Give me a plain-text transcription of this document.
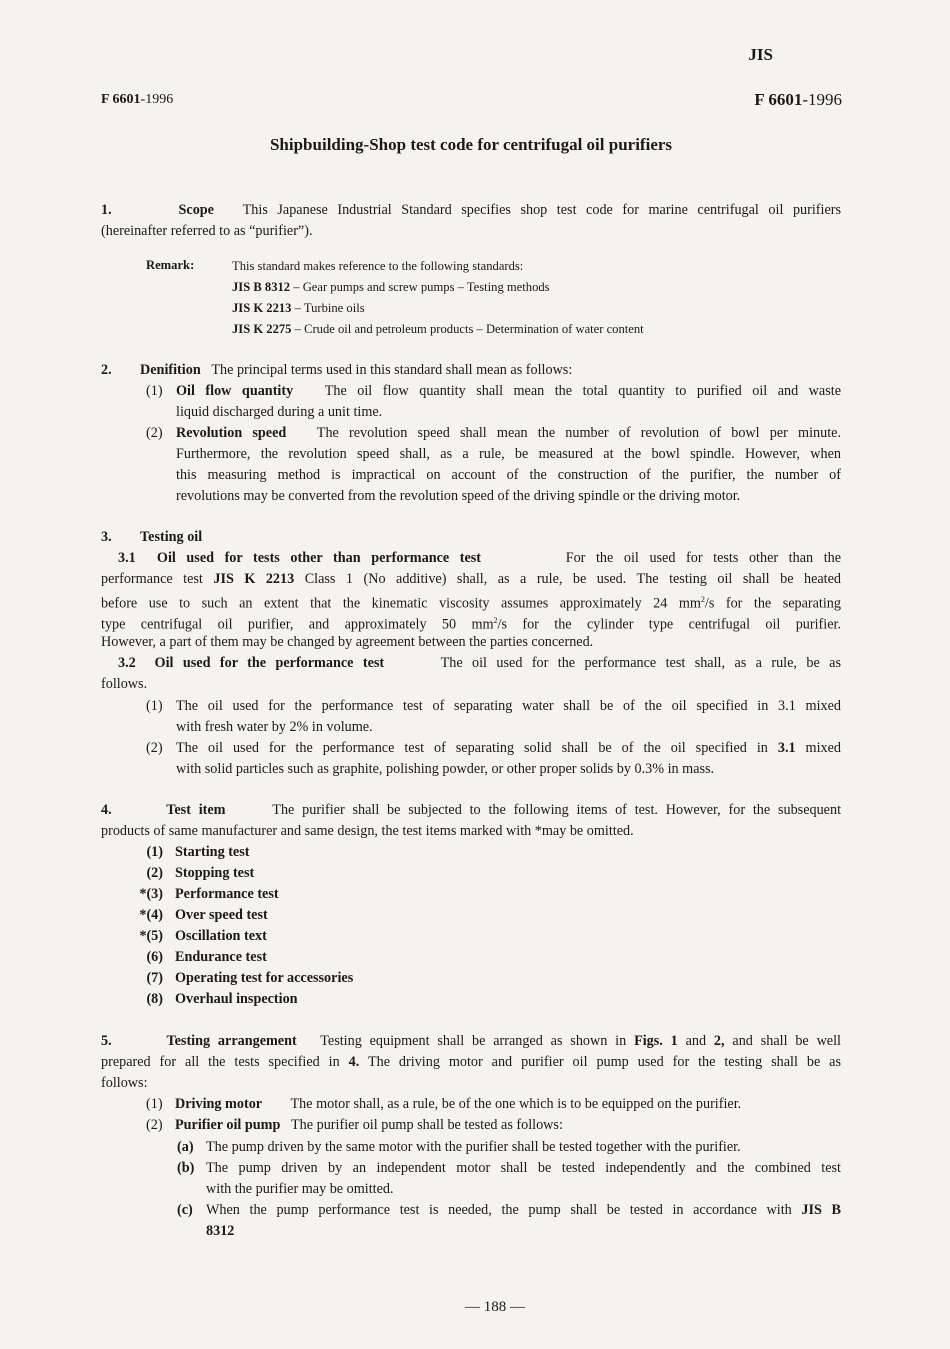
JIS
F 6601-1996	F 6601-1996
Shipbuilding-Shop test code for centrifugal oil purifiers
1.	Scope This Japanese Industrial Standard specifies shop test code for marine centrifugal oil purifiers
(hereinafter referred to as “purifier”).
Remark:	This standard makes reference to the following standards:
JIS B 8312 – Gear pumps and screw pumps – Testing methods
JIS K 2213 – Turbine oils
JIS K 2275 – Crude oil and petroleum products – Determination of water content
2. Denifition The principal terms used in this standard shall mean as follows:
(1) Oil flow quantity The oil flow quantity shall mean the total quantity to purified oil and waste
liquid discharged during a unit time.
(2) Revolution speed The revolution speed shall mean the number of revolution of bowl per minute.
Furthermore, the revolution speed shall, as a rule, be measured at the bowl spindle. However, when
this measuring method is impractical on account of the construction of the purifier, the number of
revolutions may be converted from the revolution speed of the driving spindle or the driving motor.
3. Testing oil
3.1 Oil used for tests other than performance test	For the oil used for tests other than the
performance test JIS K 2213 Class 1 (No additive) shall, as a rule, be used. The testing oil shall be heated
before use to such an extent that the kinematic viscosity assumes approximately 24 $mm^2/s$ for the separating
type centrifugal oil purifier, and approximately 50 $mm^2/s$ for the cylinder type centrifugal oil purifier.
However, a part of them may be changed by agreement between the parties concerned.
3.2 Oil used for the performance test	The oil used for the performance test shall, as a rule, be as
follows.
(1) The oil used for the performance test of separating water shall be of the oil specified in 3.1 mixed
with fresh water by 2% in volume.
(2) The oil used for the performance test of separating solid shall be of the oil specified in 3.1 mixed
with solid particles such as graphite, polishing powder, or other proper solids by 0.3% in mass.
4.	Test item	The purifier shall be subjected to the following items of test. However, for the subsequent
products of same manufacturer and same design, the test items marked with *may be omitted.
(1) Starting test
(2) Stopping test
*(3) Performance test
*(4) Over speed test
*(5) Oscillation text
(6) Endurance test
(7) Operating test for accessories
(8) Overhaul inspection
5.	Testing arrangement Testing equipment shall be arranged as shown in Figs. 1 and 2, and shall be well
prepared for all the tests specified in 4. The driving motor and purifier oil pump used for the testing shall be as
follows:
(1) Driving motor The motor shall, as a rule, be of the one which is to be equipped on the purifier.
(2) Purifier oil pump The purifier oil pump shall be tested as follows:
(a) The pump driven by the same motor with the purifier shall be tested together with the purifier.
(b) The pump driven by an independent motor shall be tested independently and the combined test
with the purifier may be omitted.
(c) When the pump performance test is needed, the pump shall be tested in accordance with JIS B
8312
— 188 —
